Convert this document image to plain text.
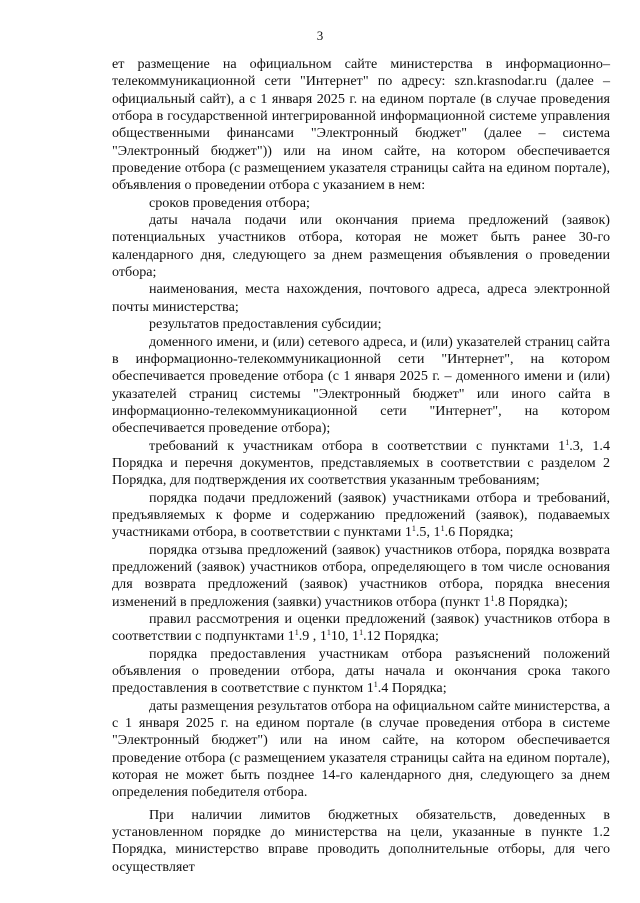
3

ет размещение на официальном сайте министерства в информационно–телекоммуникационной сети "Интернет" по адресу: szn.krasnodar.ru (далее – официальный сайт), а с 1 января 2025 г. на едином портале (в случае проведения отбора в государственной интегрированной информационной системе управления общественными финансами "Электронный бюджет" (далее – система "Электронный бюджет")) или на ином сайте, на котором обеспечивается проведение отбора (с размещением указателя страницы сайта на едином портале), объявления о проведении отбора с указанием в нем:

сроков проведения отбора;

даты начала подачи или окончания приема предложений (заявок) потенциальных участников отбора, которая не может быть ранее 30-го календарного дня, следующего за днем размещения объявления о проведении отбора;

наименования, места нахождения, почтового адреса, адреса электронной почты министерства;

результатов предоставления субсидии;

доменного имени, и (или) сетевого адреса, и (или) указателей страниц сайта в информационно-телекоммуникационной сети "Интернет", на котором обеспечивается проведение отбора (с 1 января 2025 г. – доменного имени и (или) указателей страниц системы "Электронный бюджет" или иного сайта в информационно-телекоммуникационной сети "Интернет", на котором обеспечивается проведение отбора);

требований к участникам отбора в соответствии с пунктами $1^1.3$, 1.4 Порядка и перечня документов, представляемых в соответствии с разделом 2 Порядка, для подтверждения их соответствия указанным требованиям;

порядка подачи предложений (заявок) участниками отбора и требований, предъявляемых к форме и содержанию предложений (заявок), подаваемых участниками отбора, в соответствии с пунктами $1^1.5$, $1^1.6$ Порядка;

порядка отзыва предложений (заявок) участников отбора, порядка возврата предложений (заявок) участников отбора, определяющего в том числе основания для возврата предложений (заявок) участников отбора, порядка внесения изменений в предложения (заявки) участников отбора (пункт $1^1.8$ Порядка);

правил рассмотрения и оценки предложений (заявок) участников отбора в соответствии с подпунктами $1^1.9$ , $1^110$, $1^1.12$ Порядка;

порядка предоставления участникам отбора разъяснений положений объявления о проведении отбора, даты начала и окончания срока такого предоставления в соответствие с пунктом $1^1.4$ Порядка;

даты размещения результатов отбора на официальном сайте министерства, а с 1 января 2025 г. на едином портале (в случае проведения отбора в системе "Электронный бюджет") или на ином сайте, на котором обеспечивается проведение отбора (с размещением указателя страницы сайта на едином портале), которая не может быть позднее 14-го календарного дня, следующего за днем определения победителя отбора.

При наличии лимитов бюджетных обязательств, доведенных в установленном порядке до министерства на цели, указанные в пункте 1.2 Порядка, министерство вправе проводить дополнительные отборы, для чего осуществляет
